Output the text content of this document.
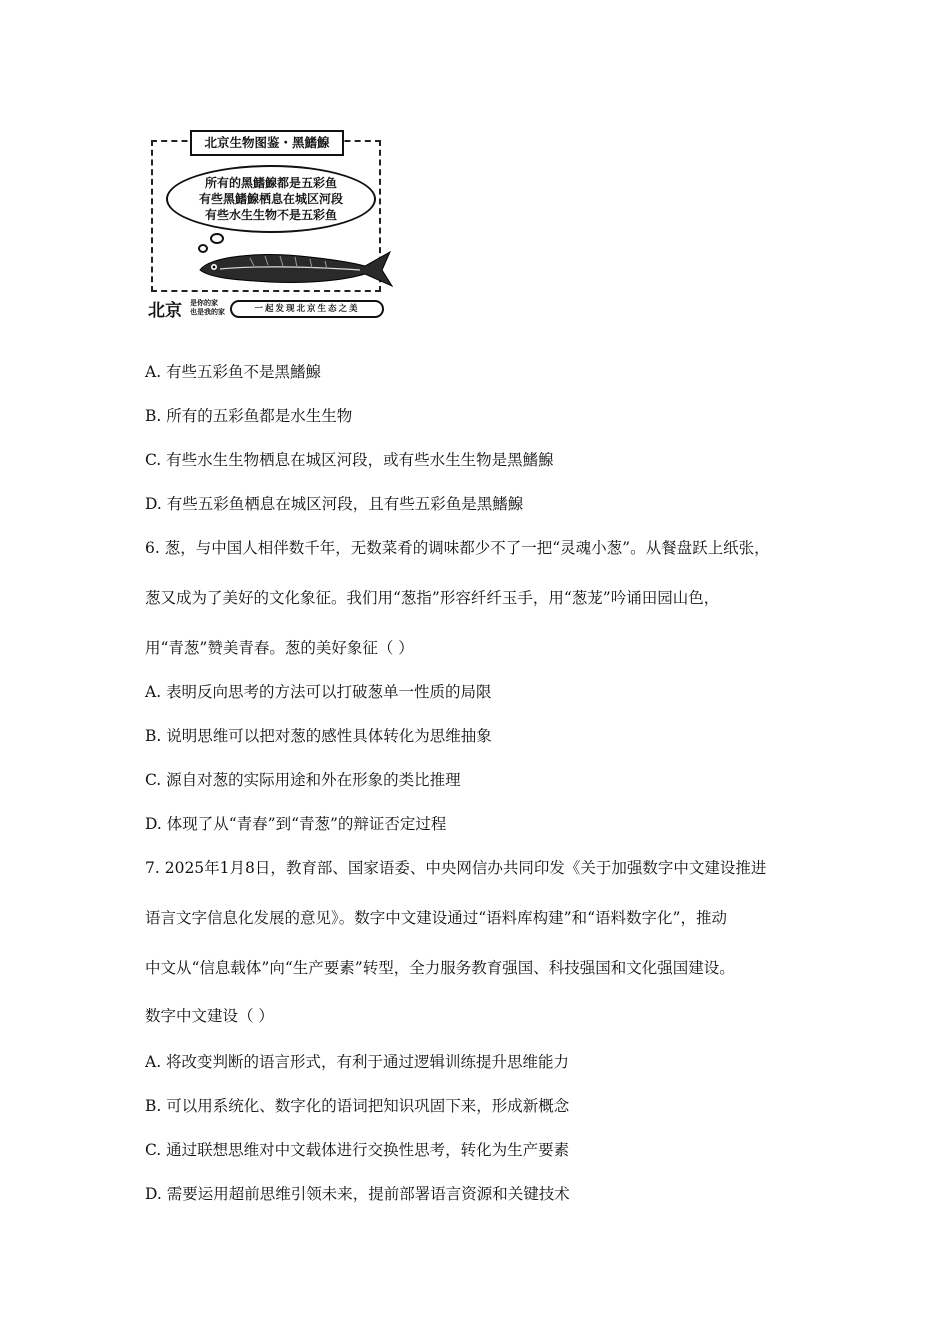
北京生物图鉴・黑鰭鰁
所有的黑鰭鰁都是五彩鱼
有些黑鰭鰁栖息在城区河段
有些水生生物不是五彩鱼
北京 是你的家
也是我的家	一起发现北京生态之美
A. 有些五彩鱼不是黑鰭鰁
B. 所有的五彩鱼都是水生生物
C. 有些水生生物栖息在城区河段，或有些水生生物是黑鰭鰁
D. 有些五彩鱼栖息在城区河段，且有些五彩鱼是黑鰭鰁
6. 葱，与中国人相伴数千年，无数菜肴的调味都少不了一把“灵魂小葱”。从餐盘跃上纸张，
葱又成为了美好的文化象征。我们用“葱指”形容纤纤玉手，用“葱茏”吟诵田园山色，
用“青葱”赞美青春。葱的美好象征（ ）
A. 表明反向思考的方法可以打破葱单一性质的局限
B. 说明思维可以把对葱的感性具体转化为思维抽象
C. 源自对葱的实际用途和外在形象的类比推理
D. 体现了从“青春”到“青葱”的辩证否定过程
7. 2025年1月8日，教育部、国家语委、中央网信办共同印发《关于加强数字中文建设推进
语言文字信息化发展的意见》。数字中文建设通过“语料库构建”和“语料数字化”，推动
中文从“信息载体”向“生产要素”转型，全力服务教育强国、科技强国和文化强国建设。
数字中文建设（ ）
A. 将改变判断的语言形式，有利于通过逻辑训练提升思维能力
B. 可以用系统化、数字化的语词把知识巩固下来，形成新概念
C. 通过联想思维对中文载体进行交换性思考，转化为生产要素
D. 需要运用超前思维引领未来，提前部署语言资源和关键技术
